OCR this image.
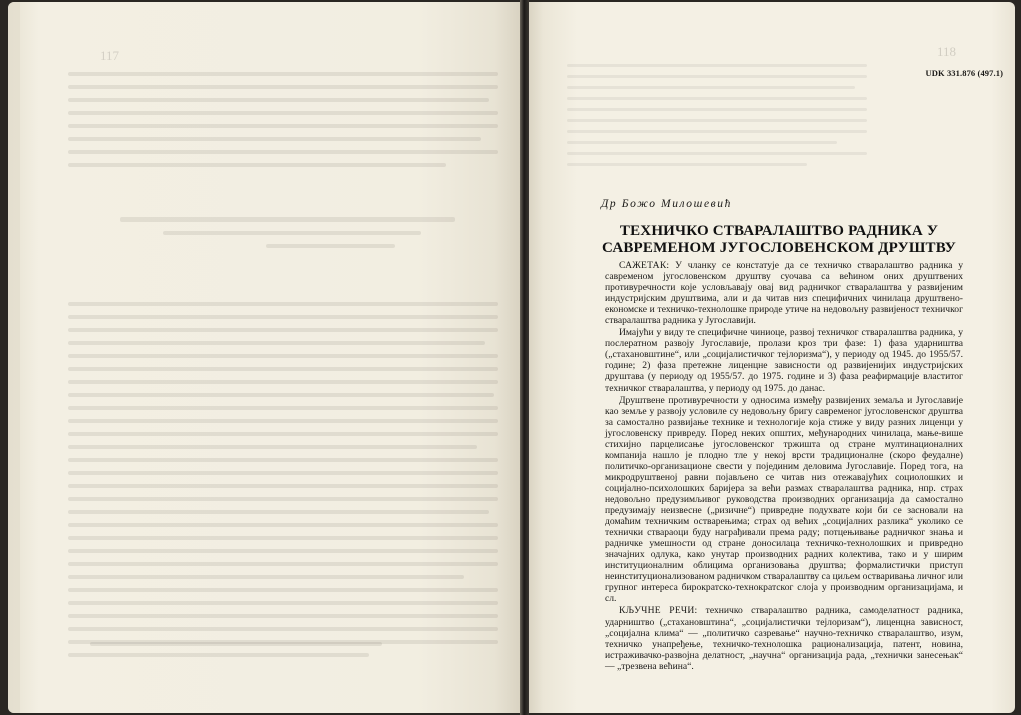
117	118
UDK 331.876 (497.1)
Др Божо Милошевић
ТЕХНИЧКО СТВАРАЛАШТВО РАДНИКА У
САВРЕМЕНОМ ЈУГОСЛОВЕНСКОМ ДРУШТВУ

САЖЕТАК: У чланку се констатује да се техничко стваралаштво радника у савременом југословенском друштву суочава са већином оних друштвених противуречности које условљавају овај вид радничког стваралаштва у развијеним индустријским друштвима, али и да читав низ специфичних чинилаца друштвено-економске и техничко-технолошке природе утиче на недовољну развијеност техничког стваралаштва радника у Југославији.

Имајући у виду те специфичне чиниоце, развој техничког стваралаштва радника, у послератном развоју Југославије, пролази кроз три фазе: 1) фаза ударништва („стахановштине“, или „социјалистичког тејлоризма“), у периоду од 1945. до 1955/57. године; 2) фаза претежне лиценцне зависности од развијенијих индустријских друштава (у периоду од 1955/57. до 1975. године и 3) фаза реафирмације властитог техничког стваралаштва, у периоду од 1975. до данас.

Друштвене противуречности у односима између развијених земаља и Југославије као земље у развоју условиле су недовољну бригу савременог југословенског друштва за самостално развијање технике и технологије која стиже у виду разних лиценци у југословенску привреду. Поред неких општих, међународних чинилаца, мање-више стихијно парцелисање југословенског тржишта од стране мултинационалних компанија нашло је плодно тле у некој врсти традиционалне (скоро феудалне) политичко-организационе свести у појединим деловима Југославије. Поред тога, на микродруштвеној равни појављено се читав низ отежавајућих социолошких и социјално-психолошких баријера за већи размах стваралаштва радника, нпр. страх недовољно предузимљивог руководства производних организација да самостално предузимају неизвесне („ризичне“) привредне подухвате који би се засновали на домаћим техничким остварењима; страх од већих „социјалних разлика“ уколико се технички ствараоци буду награђивали према раду; потцењивање радничког знања и радничке умешности од стране доносилаца техничко-технолошких и привредно значајних одлука, како унутар производних радних колектива, тако и у ширим институционалним облицима организовања друштва; формалистички приступ неинституционализованом радничком стваралаштву са циљем остваривања личног или групног интереса бирократско-технократског слоја у производним организацијама, и сл.

КЉУЧНЕ РЕЧИ: техничко стваралаштво радника, самоделатност радника, ударништво („стахановштина“, „социјалистички тејлоризам“), лиценцна зависност, „социјална клима“ — „политичко сазревање“ научно-техничко стваралаштво, изум, техничко унапређење, техничко-технолошка рационализација, патент, новина, истраживачко-развојна делатност, „научна“ организација рада, „технички занесењак“ — „трезвена већина“.
